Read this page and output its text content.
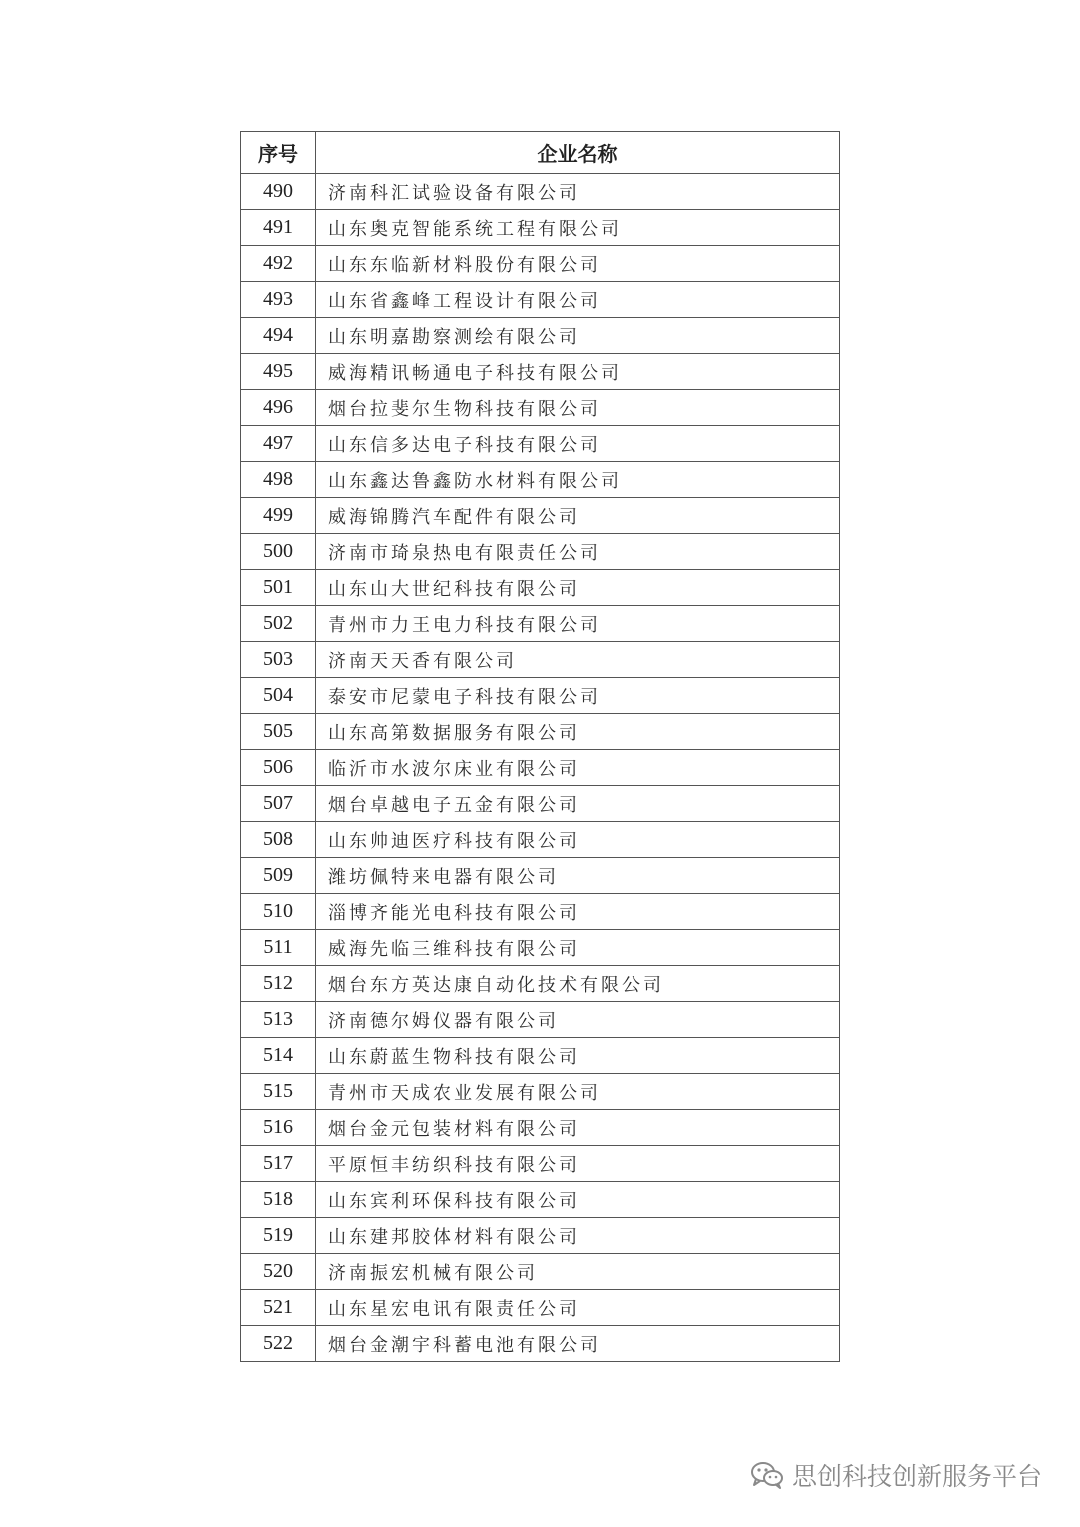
序号	企业名称
490	济南科汇试验设备有限公司
491	山东奥克智能系统工程有限公司
492	山东东临新材料股份有限公司
493	山东省鑫峰工程设计有限公司
494	山东明嘉勘察测绘有限公司
495	威海精讯畅通电子科技有限公司
496	烟台拉斐尔生物科技有限公司
497	山东信多达电子科技有限公司
498	山东鑫达鲁鑫防水材料有限公司
499	威海锦腾汽车配件有限公司
500	济南市琦泉热电有限责任公司
501	山东山大世纪科技有限公司
502	青州市力王电力科技有限公司
503	济南天天香有限公司
504	泰安市尼蒙电子科技有限公司
505	山东高第数据服务有限公司
506	临沂市水波尔床业有限公司
507	烟台卓越电子五金有限公司
508	山东帅迪医疗科技有限公司
509	潍坊佩特来电器有限公司
510	淄博齐能光电科技有限公司
511	威海先临三维科技有限公司
512	烟台东方英达康自动化技术有限公司
513	济南德尔姆仪器有限公司
514	山东蔚蓝生物科技有限公司
515	青州市天成农业发展有限公司
516	烟台金元包装材料有限公司
517	平原恒丰纺织科技有限公司
518	山东宾利环保科技有限公司
519	山东建邦胶体材料有限公司
520	济南振宏机械有限公司
521	山东星宏电讯有限责任公司
522	烟台金潮宇科蓄电池有限公司
思创科技创新服务平台
